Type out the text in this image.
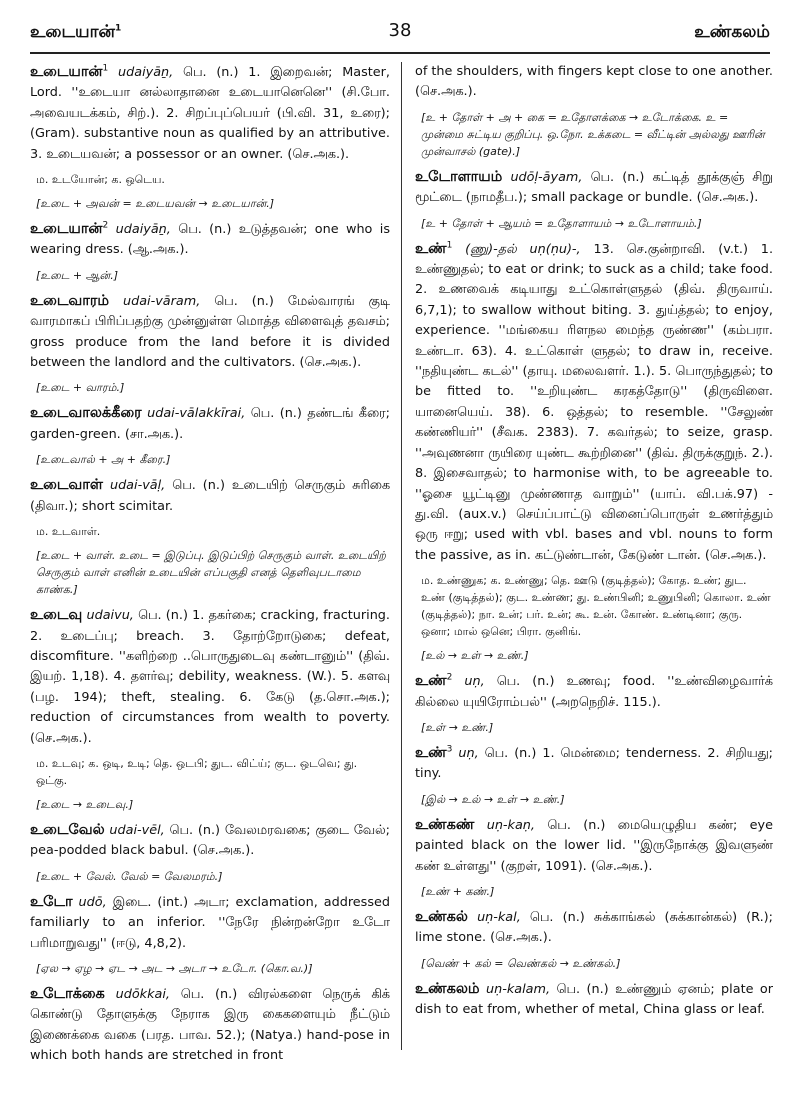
உடையான்$^1$	38	உண்கலம்

உடையான்$^1$ udaiyāṉ, பெ. (n.) 1. இறைவன்; Master, Lord. ''உடையா னல்லாதானை உடையானெனெ'' (சி.போ. அவையடக்கம், சிற்.). 2. சிறப்புப்பெயர் (பி.வி. 31, உரை); (Gram). substantive noun as qualified by an attributive. 3. உடையவன்; a possessor or an owner. (செ.அக.).

ம. உடயோன்; க. ஒடெய.

[உடை + அவன் = உடையவன் → உடையான்.]

உடையான்$^2$ udaiyāṉ, பெ. (n.) உடுத்தவன்; one who is wearing dress. (ஆ.அக.).

[உடை + ஆன்.]

உடைவாரம் udai-vāram, பெ. (n.) மேல்வாரங் குடி வாரமாகப் பிரிப்பதற்கு முன்னுள்ள மொத்த விளைவுத் தவசம்; gross produce from the land before it is divided between the landlord and the cultivators. (செ.அக.).

[உடை + வாரம்.]

உடைவாலக்கீரை udai-vālakkīrai, பெ. (n.) தண்டங் கீரை; garden-green. (சா.அக.).

[உடைவால் + அ + கீரை.]

உடைவாள் udai-vāḷ, பெ. (n.) உடையிற் செருகும் சுரிகை (திவா.); short scimitar.

ம. உடவாள்.

[உடை + வாள். உடை = இடுப்பு. இடுப்பிற் செருகும் வாள். உடையிற் செருகும் வாள் எனின் உடையின் எப்பகுதி எனத் தெளிவுபடாமை காண்க.]

உடைவு udaivu, பெ. (n.) 1. தகர்கை; cracking, fracturing. 2. உடைப்பு; breach. 3. தோற்றோடுகை; defeat, discomfiture. ''களிற்றை ..பொருதுடைவு கண்டானும்'' (திவ். இயற். 1,18). 4. தளர்வு; debility, weakness. (W.). 5. களவு (பழ. 194); theft, stealing. 6. கேடு (த.சொ.அக.); reduction of circumstances from wealth to poverty. (செ.அக.).

ம. உடவு; க. ஒடி, உடி; தெ. ஒடபி; துட. விட்ய்; குட. ஒடவெ; து. ஒட்கு.

[உடை → உடைவு.]

உடைவேல் udai-vēl, பெ. (n.) வேலமரவகை; குடை வேல்; pea-podded black babul. (செ.அக.).

[உடை + வேல். வேல் = வேலமரம்.]

உடோ udō, இடை. (int.) அடா; exclamation, addressed familiarly to an inferior. ''நேரே நின்றன்றோ உடோ பரிமாறுவது'' (ஈடு, 4,8,2).

[ஏல → ஏழ → ஏட → அட → அடா → உடோ. (கொ.வ.)]

உடோக்கை udōkkai, பெ. (n.) விரல்களை நெருக் கிக் கொண்டு தோளுக்கு நேராக இரு கைகளையும் நீட்டும் இணைக்கை வகை (பரத. பாவ. 52.); (Natya.) hand-pose in which both hands are stretched in front

of the shoulders, with fingers kept close to one another. (செ.அக.).

[உ + தோள் + அ + கை = உதோளக்கை → உடோக்கை. உ = முன்மை சுட்டிய குறிப்பு. ஒ.நோ. உக்கடை = வீட்டின் அல்லது ஊரின் முன்வாசல் (gate).]

உடோளாயம் udōḷ-āyam, பெ. (n.) கட்டித் தூக்குஞ் சிறு மூட்டை (நாமதீப.); small package or bundle. (செ.அக.).

[உ + தோள் + ஆயம் = உதோளாயம் → உடோளாயம்.]

உண்$^1$ (ணு)-தல் uṇ(ṇu)-, 13. செ.குன்றாவி. (v.t.) 1. உண்ணுதல்; to eat or drink; to suck as a child; take food. 2. உணவைக் கடியாது உட்கொள்ளுதல் (திவ். திருவாய். 6,7,1); to swallow without biting. 3. துய்த்தல்; to enjoy, experience. ''மங்கைய ரிளநல மைந்த ருண்ண'' (கம்பரா. உண்டா. 63). 4. உட்கொள் ளுதல்; to draw in, receive. ''நதியுண்ட கடல்'' (தாயு. மலைவளர். 1.). 5. பொருந்துதல்; to be fitted to. ''உறியுண்ட கரகத்தோடு'' (திருவிளை. யானையெய். 38). 6. ஒத்தல்; to resemble. ''சேலுண் கண்ணியர்'' (சீவக. 2383). 7. கவர்தல்; to seize, grasp. ''அவுணனா ருயிரை யுண்ட கூற்றினை'' (திவ். திருக்குறுந். 2.). 8. இசைவாதல்; to harmonise with, to be agreeable to. ''ஓசை யூட்டினு முண்ணாத வாறும்'' (யாப். வி.பக்.97) - து.வி. (aux.v.) செய்ப்பாட்டு வினைப்பொருள் உணர்த்தும் ஒரு ஈறு; used with vbl. bases and vbl. nouns to form the passive, as in. கட்டுண்டான், கேடுண் டான். (செ.அக.).

ம. உண்ணுக; க. உண்ணு; தெ. ஊடு (குடித்தல்); கோத. உண்; துட. உண் (குடித்தல்); குட. உண்ண; து. உண்பினி; உணுபினி; கொலா. உண் (குடித்தல்); நா. உன்; பர். உன்; கூ. உன். கோண். உண்டினா; குரு. ஒனா; மால் ஒனெ; பிரா. குனிங்.

[உல் → உள் → உண்.]

உண்$^2$ uṇ, பெ. (n.) உணவு; food. ''உண்விழைவார்க் கில்லை யுயிரோம்பல்'' (அறநெறிச். 115.).

[உள் → உண்.]

உண்$^3$ uṇ, பெ. (n.) 1. மென்மை; tenderness. 2. சிறியது; tiny.

[இல் → உல் → உள் → உண்.]

உண்கண் uṇ-kaṇ, பெ. (n.) மையெழுதிய கண்; eye painted black on the lower lid. ''இருநோக்கு இவளுண் கண் உள்ளது'' (குறள், 1091). (செ.அக.).

[உண் + கண்.]

உண்கல் uṇ-kal, பெ. (n.) சுக்காங்கல் (சுக்கான்கல்) (R.); lime stone. (செ.அக.).

[வெண் + கல் = வெண்கல் → உண்கல்.]

உண்கலம் uṇ-kalam, பெ. (n.) உண்ணும் ஏனம்; plate or dish to eat from, whether of metal, China glass or leaf.
